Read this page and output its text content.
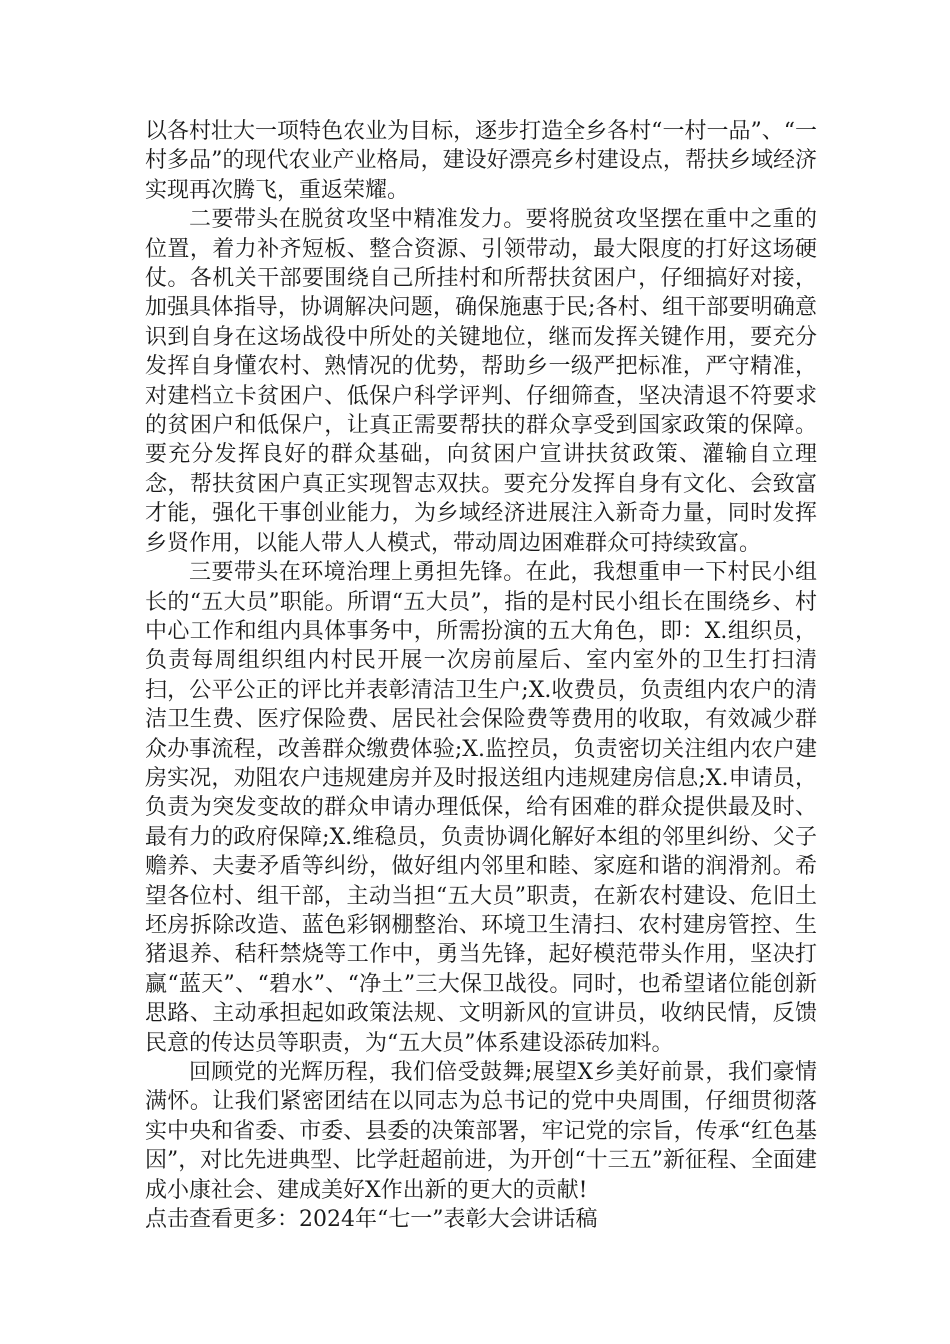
以各村壮大一项特色农业为目标，逐步打造全乡各村“一村一品”、“一村多品”的现代农业产业格局，建设好漂亮乡村建设点，帮扶乡域经济实现再次腾飞，重返荣耀。

二要带头在脱贫攻坚中精准发力。要将脱贫攻坚摆在重中之重的位置，着力补齐短板、整合资源、引领带动，最大限度的打好这场硬仗。各机关干部要围绕自己所挂村和所帮扶贫困户，仔细搞好对接，加强具体指导，协调解决问题，确保施惠于民;各村、组干部要明确意识到自身在这场战役中所处的关键地位，继而发挥关键作用，要充分发挥自身懂农村、熟情况的优势，帮助乡一级严把标准，严守精准，对建档立卡贫困户、低保户科学评判、仔细筛查，坚决清退不符要求的贫困户和低保户，让真正需要帮扶的群众享受到国家政策的保障。要充分发挥良好的群众基础，向贫困户宣讲扶贫政策、灌输自立理念，帮扶贫困户真正实现智志双扶。要充分发挥自身有文化、会致富才能，强化干事创业能力，为乡域经济进展注入新奇力量，同时发挥乡贤作用，以能人带人人模式，带动周边困难群众可持续致富。

三要带头在环境治理上勇担先锋。在此，我想重申一下村民小组长的“五大员”职能。所谓“五大员”，指的是村民小组长在围绕乡、村中心工作和组内具体事务中，所需扮演的五大角色，即：X.组织员，负责每周组织组内村民开展一次房前屋后、室内室外的卫生打扫清扫，公平公正的评比并表彰清洁卫生户;X.收费员，负责组内农户的清洁卫生费、医疗保险费、居民社会保险费等费用的收取，有效减少群众办事流程，改善群众缴费体验;X.监控员，负责密切关注组内农户建房实况，劝阻农户违规建房并及时报送组内违规建房信息;X.申请员，负责为突发变故的群众申请办理低保，给有困难的群众提供最及时、最有力的政府保障;X.维稳员，负责协调化解好本组的邻里纠纷、父子赡养、夫妻矛盾等纠纷，做好组内邻里和睦、家庭和谐的润滑剂。希望各位村、组干部，主动当担“五大员”职责，在新农村建设、危旧土坯房拆除改造、蓝色彩钢棚整治、环境卫生清扫、农村建房管控、生猪退养、秸秆禁烧等工作中，勇当先锋，起好模范带头作用，坚决打赢“蓝天”、“碧水”、“净土”三大保卫战役。同时，也希望诸位能创新思路、主动承担起如政策法规、文明新风的宣讲员，收纳民情，反馈民意的传达员等职责，为“五大员”体系建设添砖加料。

回顾党的光辉历程，我们倍受鼓舞;展望X乡美好前景，我们豪情满怀。让我们紧密团结在以同志为总书记的党中央周围，仔细贯彻落实中央和省委、市委、县委的决策部署，牢记党的宗旨，传承“红色基因”，对比先进典型、比学赶超前进，为开创“十三五”新征程、全面建成小康社会、建成美好X作出新的更大的贡献!

点击查看更多：2024年“七一”表彰大会讲话稿
